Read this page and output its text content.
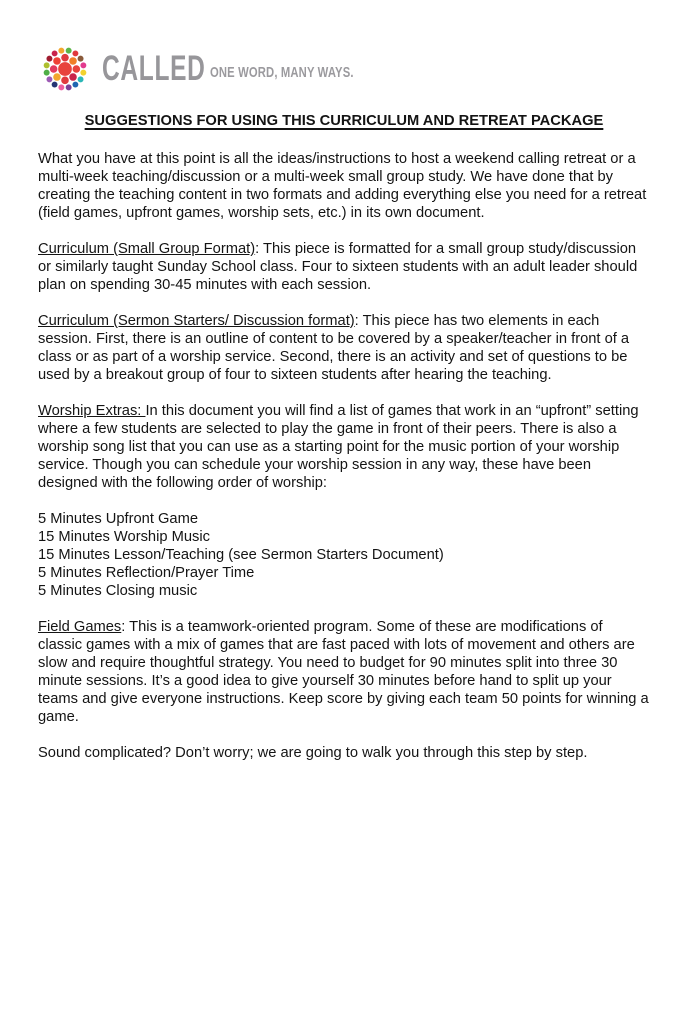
CALLED ONE WORD, MANY WAYS.
SUGGESTIONS FOR USING THIS CURRICULUM AND RETREAT PACKAGE

What you have at this point is all the ideas/instructions to host a weekend calling retreat or a multi-week teaching/discussion or a multi-week small group study. We have done that by creating the teaching content in two formats and adding everything else you need for a retreat (field games, upfront games, worship sets, etc.) in its own document.

Curriculum (Small Group Format): This piece is formatted for a small group study/discussion or similarly taught Sunday School class. Four to sixteen students with an adult leader should plan on spending 30-45 minutes with each session.

Curriculum (Sermon Starters/ Discussion format): This piece has two elements in each session. First, there is an outline of content to be covered by a speaker/teacher in front of a class or as part of a worship service. Second, there is an activity and set of questions to be used by a breakout group of four to sixteen students after hearing the teaching.

Worship Extras: In this document you will find a list of games that work in an “upfront” setting where a few students are selected to play the game in front of their peers. There is also a worship song list that you can use as a starting point for the music portion of your worship service. Though you can schedule your worship session in any way, these have been designed with the following order of worship:

5 Minutes Upfront Game
15 Minutes Worship Music
15 Minutes Lesson/Teaching (see Sermon Starters Document)
5 Minutes Reflection/Prayer Time
5 Minutes Closing music

Field Games: This is a teamwork-oriented program. Some of these are modifications of classic games with a mix of games that are fast paced with lots of movement and others are slow and require thoughtful strategy. You need to budget for 90 minutes split into three 30 minute sessions. It’s a good idea to give yourself 30 minutes before hand to split up your teams and give everyone instructions. Keep score by giving each team 50 points for winning a game.

Sound complicated? Don’t worry; we are going to walk you through this step by step.
